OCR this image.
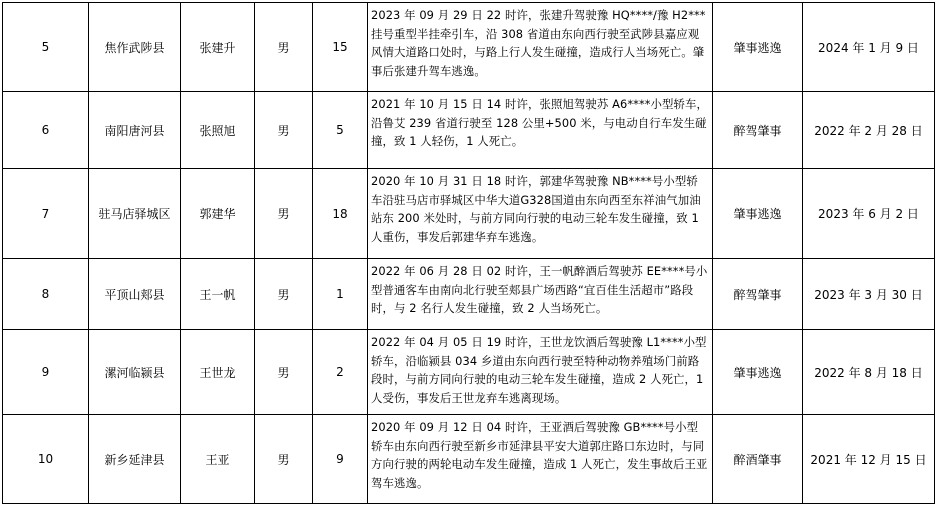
5	焦作武陟县	张建升	男	15	2023 年 09 月 29 日 22 时许，张建升驾驶豫 HQ****/豫 H2***挂号重型半挂牵引车，沿 308 省道由东向西行驶至武陟县嘉应观风情大道路口处时，与路上行人发生碰撞，造成行人当场死亡。肇事后张建升驾车逃逸。	肇事逃逸	2024 年 1 月 9 日
6	南阳唐河县	张照旭	男	5	2021 年 10 月 15 日 14 时许，张照旭驾驶苏 A6****小型轿车，沿鲁艾 239 省道行驶至 128 公里+500 米，与电动自行车发生碰撞，致 1 人轻伤，1 人死亡。	醉驾肇事	2022 年 2 月 28 日
7	驻马店驿城区	郭建华	男	18	2020 年 10 月 31 日 18 时许，郭建华驾驶豫 NB****号小型轿车沿驻马店市驿城区中华大道G328国道由东向西至东祥油气加油站东 200 米处时，与前方同向行驶的电动三轮车发生碰撞，致 1 人重伤，事发后郭建华弃车逃逸。	肇事逃逸	2023 年 6 月 2 日
8	平顶山郏县	王一帆	男	1	2022 年 06 月 28 日 02 时许，王一帆醉酒后驾驶苏 EE****号小型普通客车由南向北行驶至郏县广场西路“宜百佳生活超市”路段时，与 2 名行人发生碰撞，致 2 人当场死亡。	醉驾肇事	2023 年 3 月 30 日
9	漯河临颍县	王世龙	男	2	2022 年 04 月 05 日 19 时许，王世龙饮酒后驾驶豫 L1****小型轿车，沿临颍县 034 乡道由东向西行驶至特种动物养殖场门前路段时，与前方同向行驶的电动三轮车发生碰撞，造成 2 人死亡，1 人受伤，事发后王世龙弃车逃离现场。	肇事逃逸	2022 年 8 月 18 日
10	新乡延津县	王亚	男	9	2020 年 09 月 12 日 04 时许，王亚酒后驾驶豫 GB****号小型轿车由东向西行驶至新乡市延津县平安大道郭庄路口东边时，与同方向行驶的两轮电动车发生碰撞，造成 1 人死亡，发生事故后王亚驾车逃逸。	醉酒肇事	2021 年 12 月 15 日
